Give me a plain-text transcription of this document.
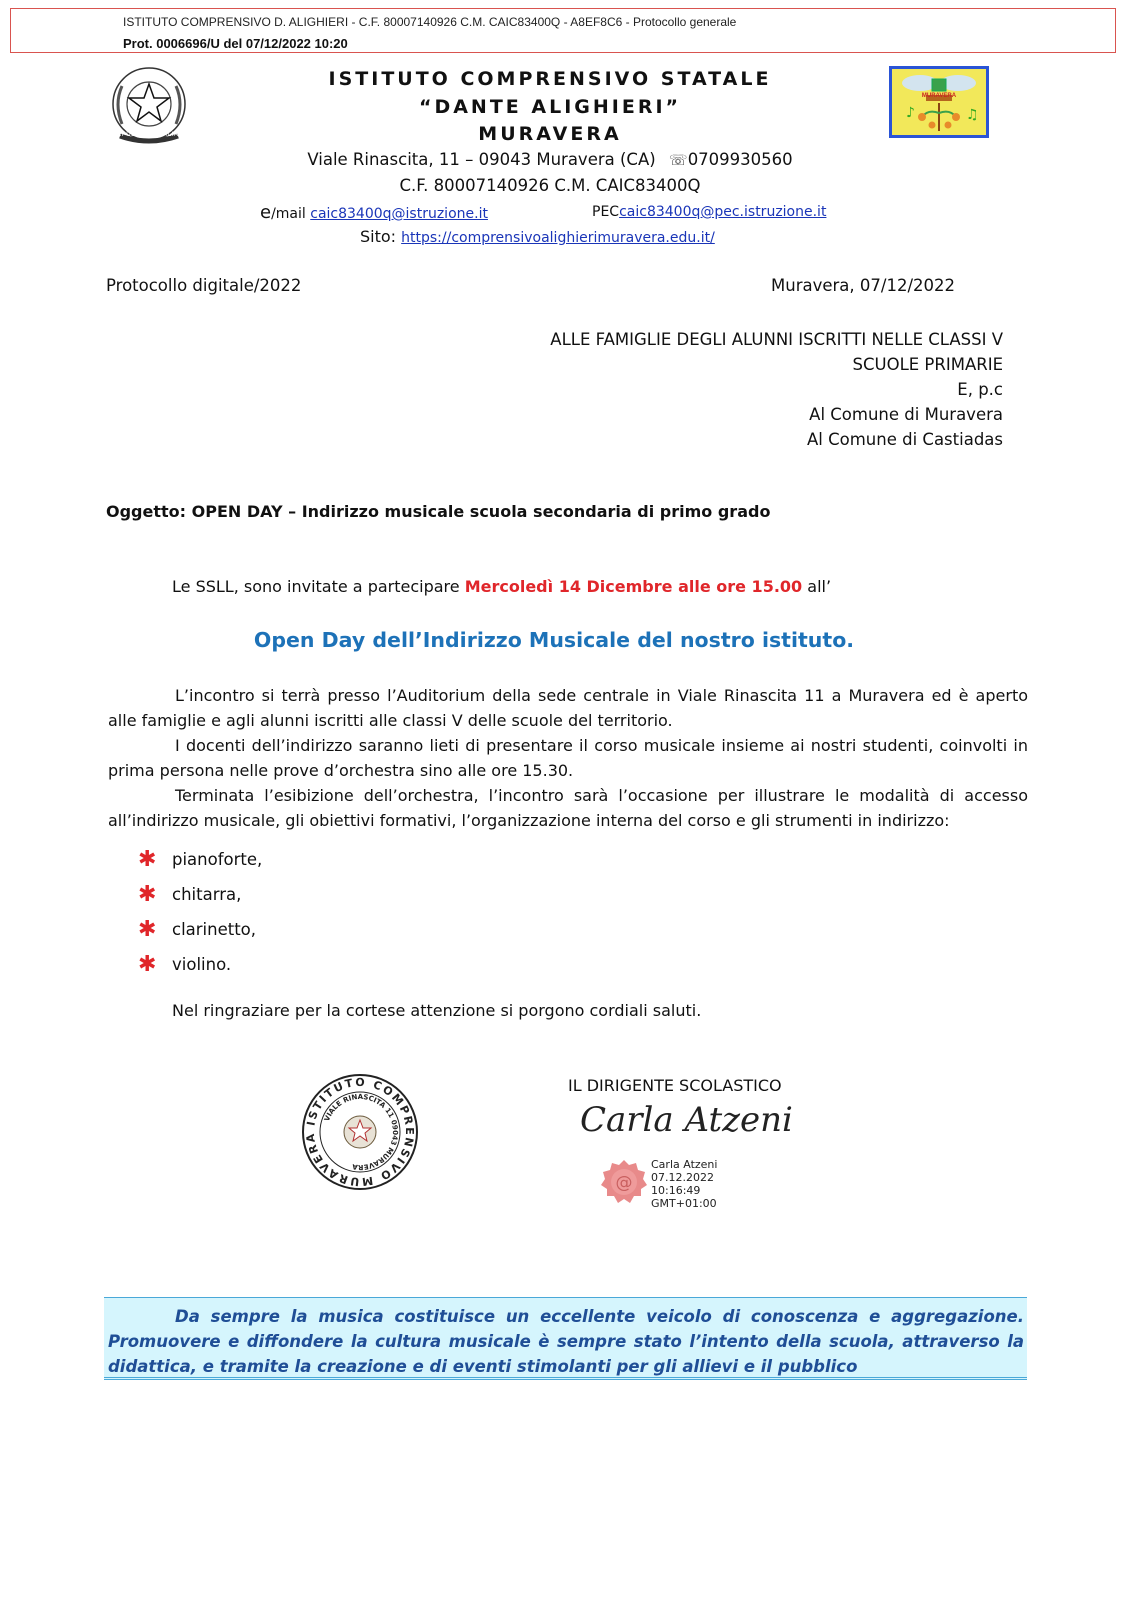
ISTITUTO COMPRENSIVO D. ALIGHIERI - C.F. 80007140926 C.M. CAIC83400Q - A8EF8C6 - Protocollo generale
Prot. 0006696/U del 07/12/2022 10:20
REPUBBLICA ITALIANA
♪	♫
MURAVERA
ISTITUTO COMPRENSIVO STATALE
“DANTE ALIGHIERI”
MURAVERA
Viale Rinascita, 11 – 09043 Muravera (CA) ☏0709930560
C.F. 80007140926 C.M. CAIC83400Q
e/mail caic83400q@istruzione.it	PECcaic83400q@pec.istruzione.it
Sito: https://comprensivoalighierimuravera.edu.it/
Protocollo digitale/2022	Muravera, 07/12/2022
ALLE FAMIGLIE DEGLI ALUNNI ISCRITTI NELLE CLASSI V
SCUOLE PRIMARIE
E, p.c
Al Comune di Muravera
Al Comune di Castiadas
Oggetto: OPEN DAY – Indirizzo musicale scuola secondaria di primo grado
Le SSLL, sono invitate a partecipare Mercoledì 14 Dicembre alle ore 15.00 all’
Open Day dell’Indirizzo Musicale del nostro istituto.
L’incontro si terrà presso l’Auditorium della sede centrale in Viale Rinascita 11 a Muravera ed è aperto alle famiglie e agli alunni iscritti alle classi V delle scuole del territorio.
I docenti dell’indirizzo saranno lieti di presentare il corso musicale insieme ai nostri studenti, coinvolti in prima persona nelle prove d’orchestra sino alle ore 15.30.
Terminata l’esibizione dell’orchestra, l’incontro sarà l’occasione per illustrare le modalità di accesso all’indirizzo musicale, gli obiettivi formativi, l’organizzazione interna del corso e gli strumenti in indirizzo:
✱ pianoforte,
✱ chitarra,
✱ clarinetto,
✱ violino.
Nel ringraziare per la cortese attenzione si porgono cordiali saluti.
ISTITUTO COMPRENSIVO MURAVERA
VIALE RINASCITA 11 09043 MURAVERA
IL DIRIGENTE SCOLASTICO
Carla Atzeni
@
Carla Atzeni
07.12.2022
10:16:49
GMT+01:00
Da sempre la musica costituisce un eccellente veicolo di conoscenza e aggregazione. Promuovere e diffondere la cultura musicale è sempre stato l’intento della scuola, attraverso la didattica, e tramite la creazione e di eventi stimolanti per gli allievi e il pubblico
